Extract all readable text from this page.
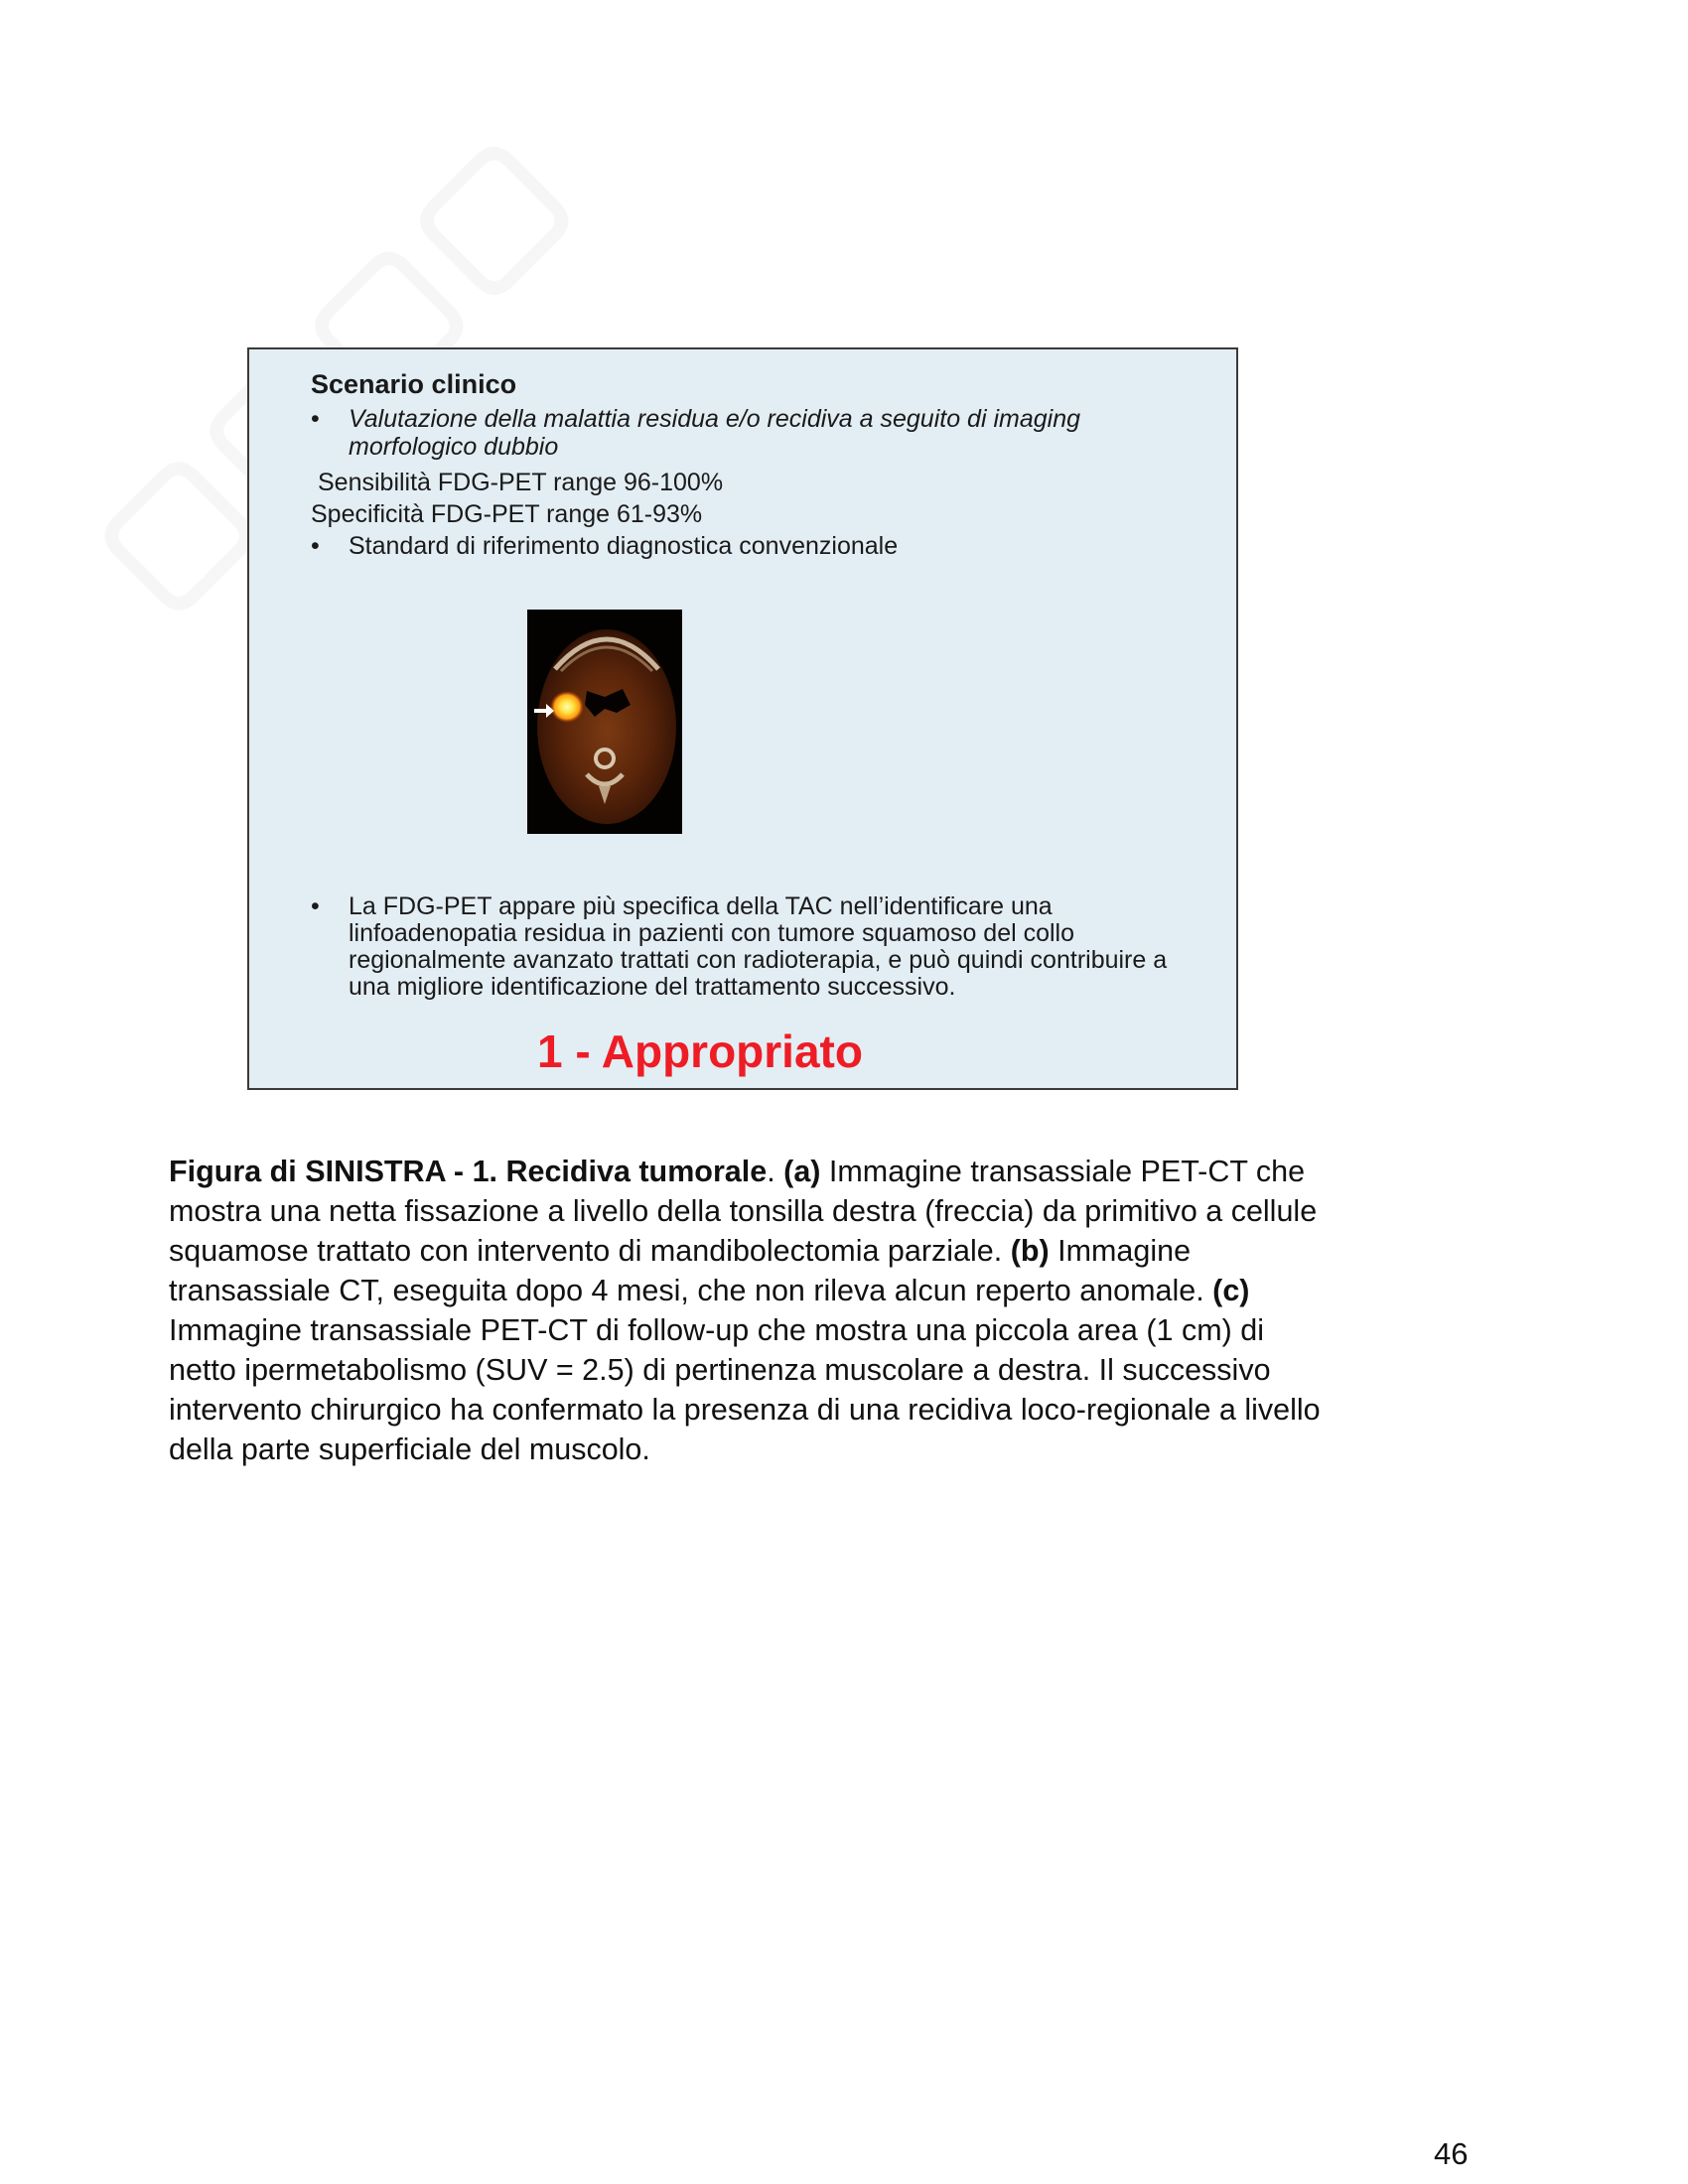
Scenario clinico
• Valutazione della malattia residua e/o recidiva a seguito di imaging morfologico dubbio
Sensibilità FDG-PET range 96-100%
Specificità FDG-PET range 61-93%
• Standard di riferimento diagnostica convenzionale
• La FDG-PET appare più specifica della TAC nell’identificare una linfoadenopatia residua in pazienti con tumore squamoso del collo regionalmente avanzato trattati con radioterapia, e può quindi contribuire a una migliore identificazione del trattamento successivo.
1 - Appropriato
Figura di SINISTRA - 1. Recidiva tumorale. (a) Immagine transassiale PET-CT che mostra una netta fissazione a livello della tonsilla destra (freccia) da primitivo a cellule squamose trattato con intervento di mandibolectomia parziale. (b) Immagine transassiale CT, eseguita dopo 4 mesi, che non rileva alcun reperto anomale. (c) Immagine transassiale PET-CT di follow-up che mostra una piccola area (1 cm) di netto ipermetabolismo (SUV = 2.5) di pertinenza muscolare a destra. Il successivo intervento chirurgico ha confermato la presenza di una recidiva loco-regionale a livello della parte superficiale del muscolo.
46
